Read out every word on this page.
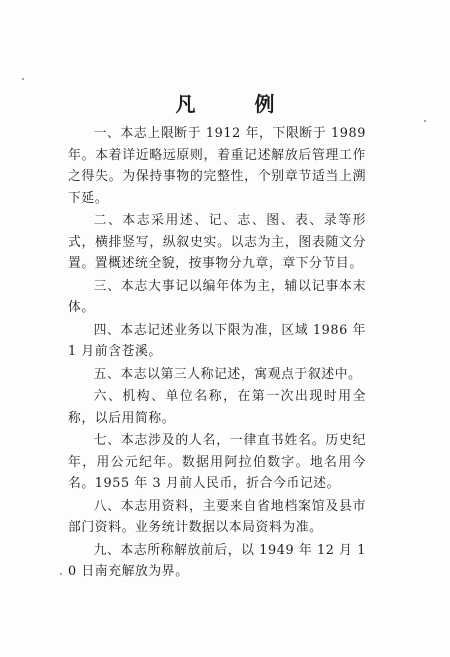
凡 例

一、本志上限断于 1912 年，下限断于 1989 年。本着详近略远原则，着重记述解放后管理工作之得失。为保持事物的完整性，个别章节适当上溯下延。

二、本志采用述、记、志、图、表、录等形式，横排竖写，纵叙史实。以志为主，图表随文分置。置概述统全貌，按事物分九章，章下分节目。

三、本志大事记以编年体为主，辅以记事本末体。

四、本志记述业务以下限为准，区域 1986 年 1 月前含苍溪。

五、本志以第三人称记述，寓观点于叙述中。

六、机构、单位名称，在第一次出现时用全称，以后用简称。

七、本志涉及的人名，一律直书姓名。历史纪年，用公元纪年。数据用阿拉伯数字。地名用今名。1955 年 3 月前人民币，折合今币记述。

八、本志用资料，主要来自省地档案馆及县市部门资料。业务统计数据以本局资料为准。

九、本志所称解放前后，以 1949 年 12 月 10 日南充解放为界。
